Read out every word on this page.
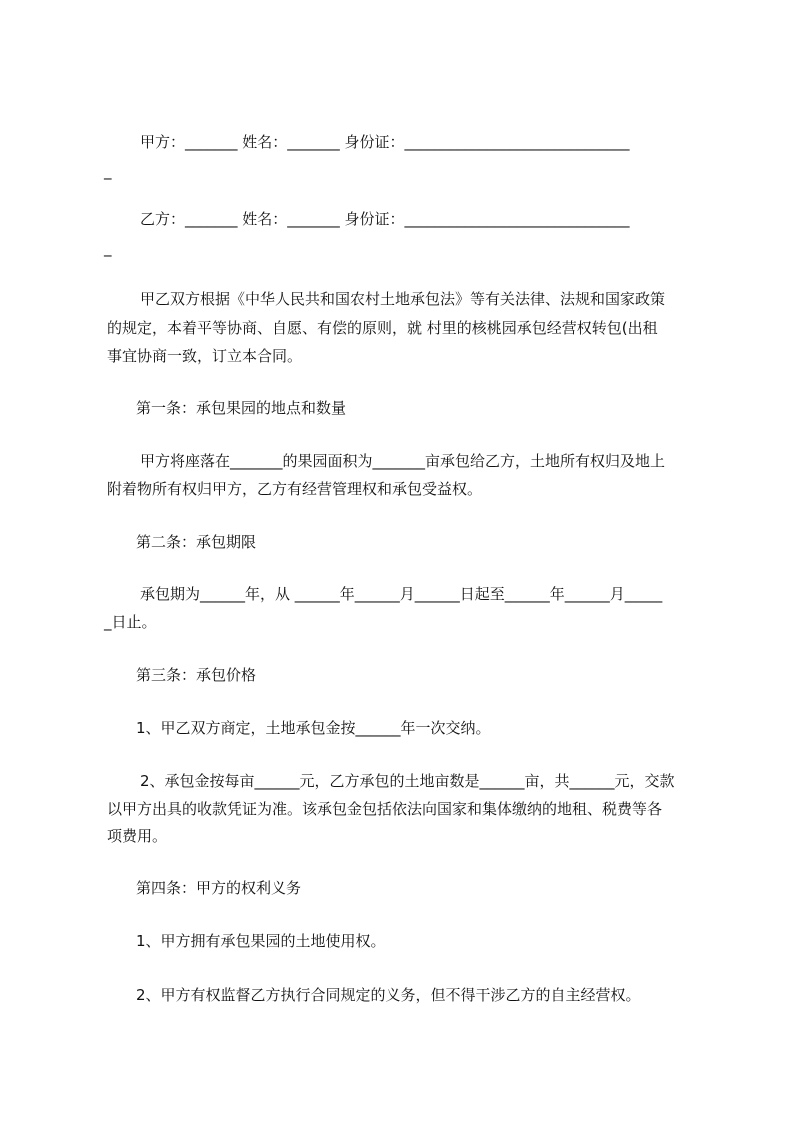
甲方：_______ 姓名：_______ 身份证：______________________________
_
乙方：_______ 姓名：_______ 身份证：______________________________
_
甲乙双方根据《中华人民共和国农村土地承包法》等有关法律、法规和国家政策
的规定，本着平等协商、自愿、有偿的原则，就 村里的核桃园承包经营权转包(出租
事宜协商一致，订立本合同。
第一条：承包果园的地点和数量
甲方将座落在_______的果园面积为_______亩承包给乙方，土地所有权归及地上
附着物所有权归甲方，乙方有经营管理权和承包受益权。
第二条：承包期限
承包期为______年，从 ______年______月______日起至______年______月_____
_日止。
第三条：承包价格
1、甲乙双方商定，土地承包金按______年一次交纳。
2、承包金按每亩______元，乙方承包的土地亩数是______亩，共______元，交款
以甲方出具的收款凭证为准。该承包金包括依法向国家和集体缴纳的地租、税费等各
项费用。
第四条：甲方的权利义务
1、甲方拥有承包果园的土地使用权。
2、甲方有权监督乙方执行合同规定的义务，但不得干涉乙方的自主经营权。
